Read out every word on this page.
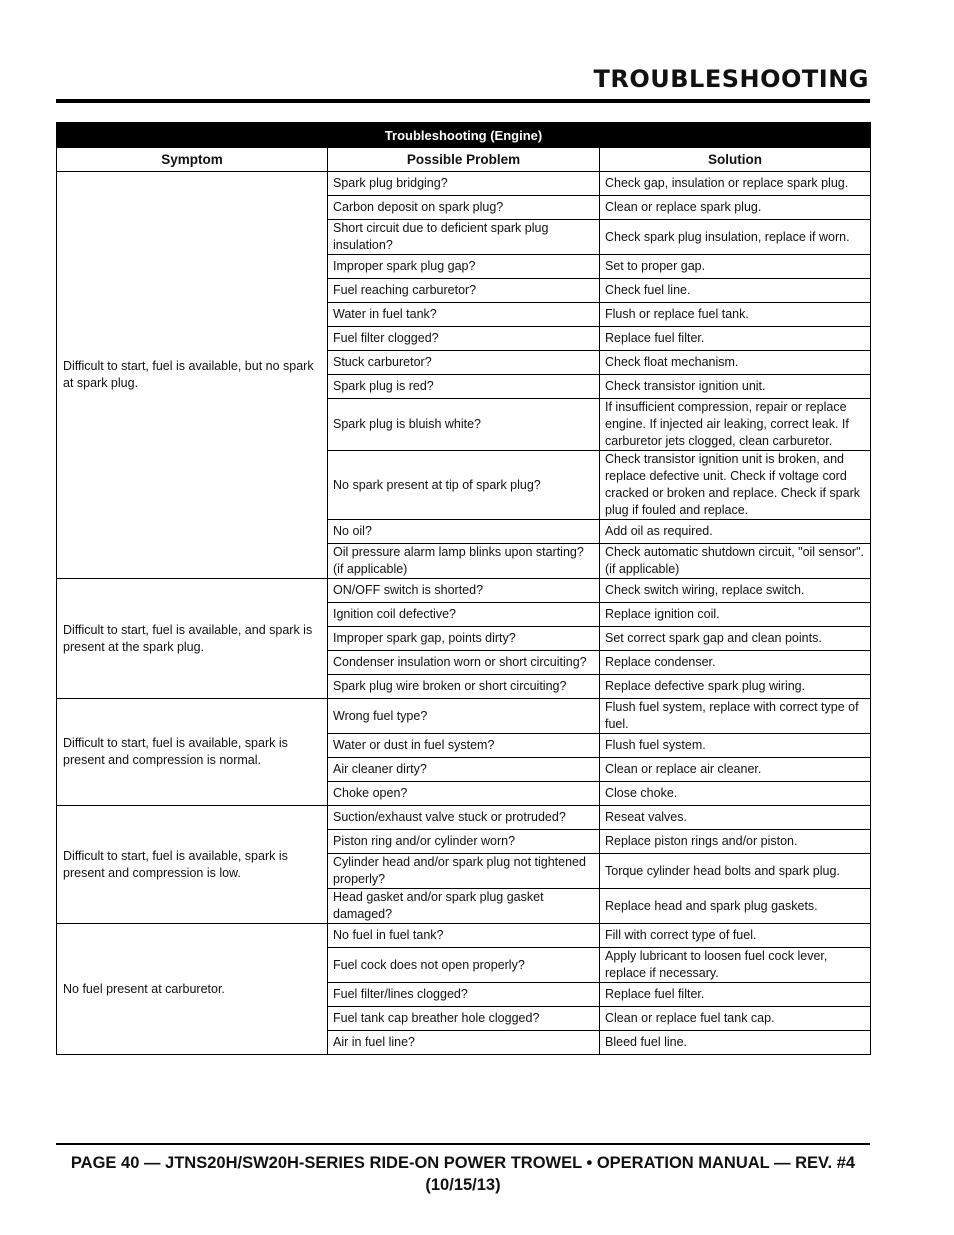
TROUBLESHOOTING
Troubleshooting (Engine)		
Symptom	Possible Problem	Solution
Difficult to start, fuel is available, but no spark at spark plug.	Spark plug bridging?	Check gap, insulation or replace spark plug.
	Carbon deposit on spark plug?	Clean or replace spark plug.
	Short circuit due to deficient spark plug insulation?	Check spark plug insulation, replace if worn.
	Improper spark plug gap?	Set to proper gap.
	Fuel reaching carburetor?	Check fuel line.
	Water in fuel tank?	Flush or replace fuel tank.
	Fuel filter clogged?	Replace fuel filter.
	Stuck carburetor?	Check float mechanism.
	Spark plug is red?	Check transistor ignition unit.
	Spark plug is bluish white?	If insufficient compression, repair or replace engine. If injected air leaking, correct leak. If carburetor jets clogged, clean carburetor.
	No spark present at tip of spark plug?	Check transistor ignition unit is broken, and replace defective unit. Check if voltage cord cracked or broken and replace. Check if spark plug if fouled and replace.
	No oil?	Add oil as required.
	Oil pressure alarm lamp blinks upon starting? (if applicable)	Check automatic shutdown circuit, "oil sensor". (if applicable)
Difficult to start, fuel is available, and spark is present at the spark plug.	ON/OFF switch is shorted?	Check switch wiring, replace switch.
	Ignition coil defective?	Replace ignition coil.
	Improper spark gap, points dirty?	Set correct spark gap and clean points.
	Condenser insulation worn or short circuiting?	Replace condenser.
	Spark plug wire broken or short circuiting?	Replace defective spark plug wiring.
Difficult to start, fuel is available, spark is present and compression is normal.	Wrong fuel type?	Flush fuel system, replace with correct type of fuel.
	Water or dust in fuel system?	Flush fuel system.
	Air cleaner dirty?	Clean or replace air cleaner.
	Choke open?	Close choke.
Difficult to start, fuel is available, spark is present and compression is low.	Suction/exhaust valve stuck or protruded?	Reseat valves.
	Piston ring and/or cylinder worn?	Replace piston rings and/or piston.
	Cylinder head and/or spark plug not tightened properly?	Torque cylinder head bolts and spark plug.
	Head gasket and/or spark plug gasket damaged?	Replace head and spark plug gaskets.
No fuel present at carburetor.	No fuel in fuel tank?	Fill with correct type of fuel.
	Fuel cock does not open properly?	Apply lubricant to loosen fuel cock lever, replace if necessary.
	Fuel filter/lines clogged?	Replace fuel filter.
	Fuel tank cap breather hole clogged?	Clean or replace fuel tank cap.
	Air in fuel line?	Bleed fuel line.
PAGE 40 — JTNS20H/SW20H-SERIES RIDE-ON POWER TROWEL • OPERATION MANUAL — REV. #4 (10/15/13)
